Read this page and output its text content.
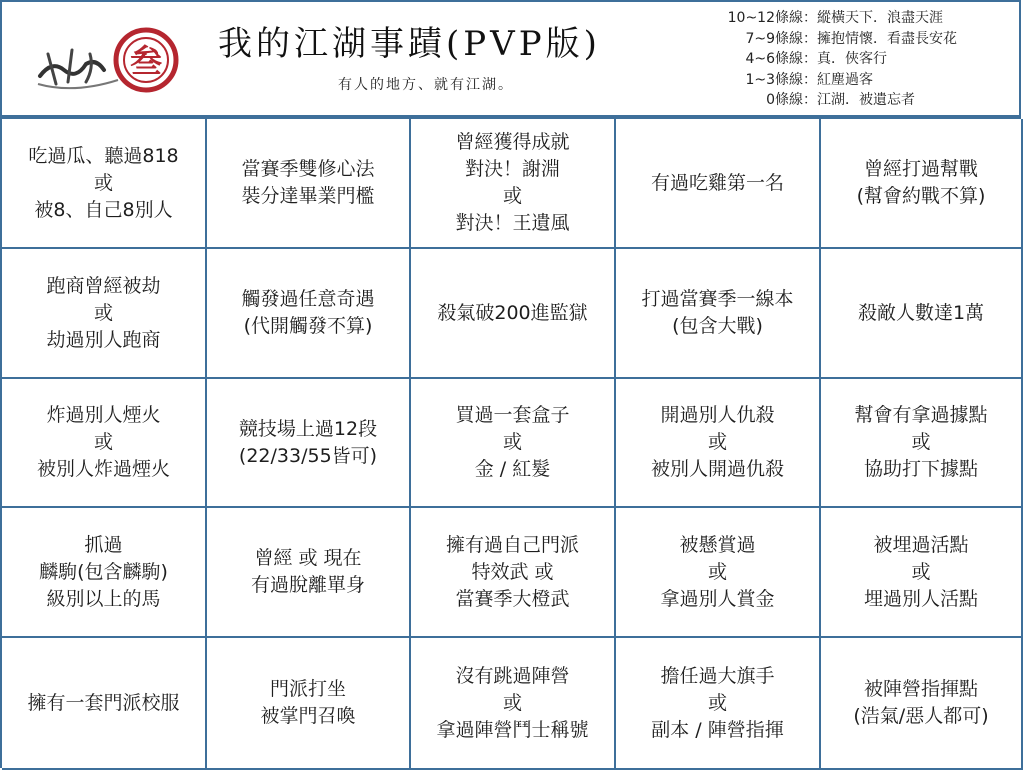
叁 我的江湖事蹟(PVP版)
有人的地方、就有江湖。
10~12條線：縱橫天下．浪盡天涯
7~9條線：擁抱情懷．看盡長安花
4~6條線：真．俠客行
1~3條線：紅塵過客
0條線：江湖．被遺忘者
吃過瓜、聽過818
或
被8、自己8別人
當賽季雙修心法
裝分達畢業門檻
曾經獲得成就
對決！謝淵
或
對決！王遺風
有過吃雞第一名
曾經打過幫戰
(幫會約戰不算)
跑商曾經被劫
或
劫過別人跑商
觸發過任意奇遇
(代開觸發不算)
殺氣破200進監獄
打過當賽季一線本
(包含大戰)
殺敵人數達1萬
炸過別人煙火
或
被別人炸過煙火
競技場上過12段
(22/33/55皆可)
買過一套盒子
或
金 / 紅髮
開過別人仇殺
或
被別人開過仇殺
幫會有拿過據點
或
協助打下據點
抓過
麟駒(包含麟駒)
級別以上的馬
曾經 或 現在
有過脫離單身
擁有過自己門派
特效武 或
當賽季大橙武
被懸賞過
或
拿過別人賞金
被埋過活點
或
埋過別人活點
擁有一套門派校服
門派打坐
被掌門召喚
沒有跳過陣營
或
拿過陣營鬥士稱號
擔任過大旗手
或
副本 / 陣營指揮
被陣營指揮點
(浩氣/惡人都可)
